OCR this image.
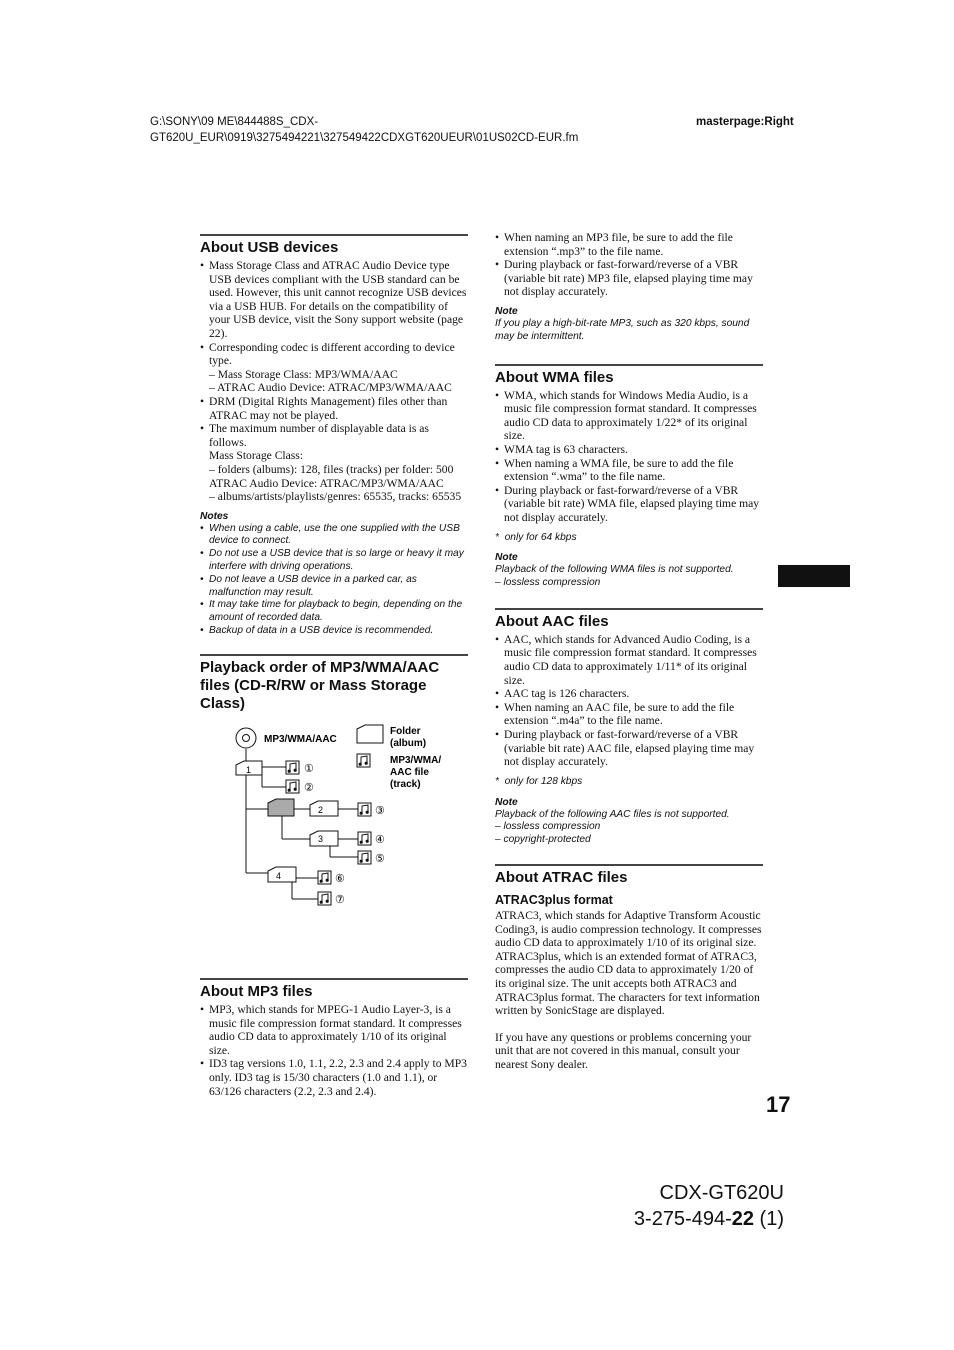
G:\SONY\09 ME\844488S_CDX-
GT620U_EUR\0919\3275494221\327549422CDXGT620UEUR\01US02CD-EUR.fm
masterpage:Right
About USB devices
• Mass Storage Class and ATRAC Audio Device type USB devices compliant with the USB standard can be used. However, this unit cannot recognize USB devices via a USB HUB. For details on the compatibility of your USB device, visit the Sony support website (page 22).
• Corresponding codec is different according to device type.
– Mass Storage Class: MP3/WMA/AAC
– ATRAC Audio Device: ATRAC/MP3/WMA/AAC
• DRM (Digital Rights Management) files other than ATRAC may not be played.
• The maximum number of displayable data is as follows.
Mass Storage Class:
– folders (albums): 128, files (tracks) per folder: 500
ATRAC Audio Device: ATRAC/MP3/WMA/AAC
– albums/artists/playlists/genres: 65535, tracks: 65535
Notes
• When using a cable, use the one supplied with the USB device to connect.
• Do not use a USB device that is so large or heavy it may interfere with driving operations.
• Do not leave a USB device in a parked car, as malfunction may result.
• It may take time for playback to begin, depending on the amount of recorded data.
• Backup of data in a USB device is recommended.
Playback order of MP3/WMA/AAC files (CD-R/RW or Mass Storage Class)
MP3/WMA/AAC
Folder
(album)
MP3/WMA/
AAC file
(track)
1
2
3
4
①
②
③
④
⑤
⑥
⑦
About MP3 files
• MP3, which stands for MPEG-1 Audio Layer-3, is a music file compression format standard. It compresses audio CD data to approximately 1/10 of its original size.
• ID3 tag versions 1.0, 1.1, 2.2, 2.3 and 2.4 apply to MP3 only. ID3 tag is 15/30 characters (1.0 and 1.1), or 63/126 characters (2.2, 2.3 and 2.4).
• When naming an MP3 file, be sure to add the file extension “.mp3” to the file name.
• During playback or fast-forward/reverse of a VBR (variable bit rate) MP3 file, elapsed playing time may not display accurately.
Note
If you play a high-bit-rate MP3, such as 320 kbps, sound may be intermittent.
About WMA files
• WMA, which stands for Windows Media Audio, is a music file compression format standard. It compresses audio CD data to approximately 1/22* of its original size.
• WMA tag is 63 characters.
• When naming a WMA file, be sure to add the file extension “.wma” to the file name.
• During playback or fast-forward/reverse of a VBR (variable bit rate) WMA file, elapsed playing time may not display accurately.
* only for 64 kbps
Note
Playback of the following WMA files is not supported.
– lossless compression
About AAC files
• AAC, which stands for Advanced Audio Coding, is a music file compression format standard. It compresses audio CD data to approximately 1/11* of its original size.
• AAC tag is 126 characters.
• When naming an AAC file, be sure to add the file extension “.m4a” to the file name.
• During playback or fast-forward/reverse of a VBR (variable bit rate) AAC file, elapsed playing time may not display accurately.
* only for 128 kbps
Note
Playback of the following AAC files is not supported.
– lossless compression
– copyright-protected
About ATRAC files
ATRAC3plus format

ATRAC3, which stands for Adaptive Transform Acoustic Coding3, is audio compression technology. It compresses audio CD data to approximately 1/10 of its original size. ATRAC3plus, which is an extended format of ATRAC3, compresses the audio CD data to approximately 1/20 of its original size. The unit accepts both ATRAC3 and ATRAC3plus format. The characters for text information written by SonicStage are displayed.

If you have any questions or problems concerning your unit that are not covered in this manual, consult your nearest Sony dealer.

17
CDX-GT620U
3-275-494-22 (1)
